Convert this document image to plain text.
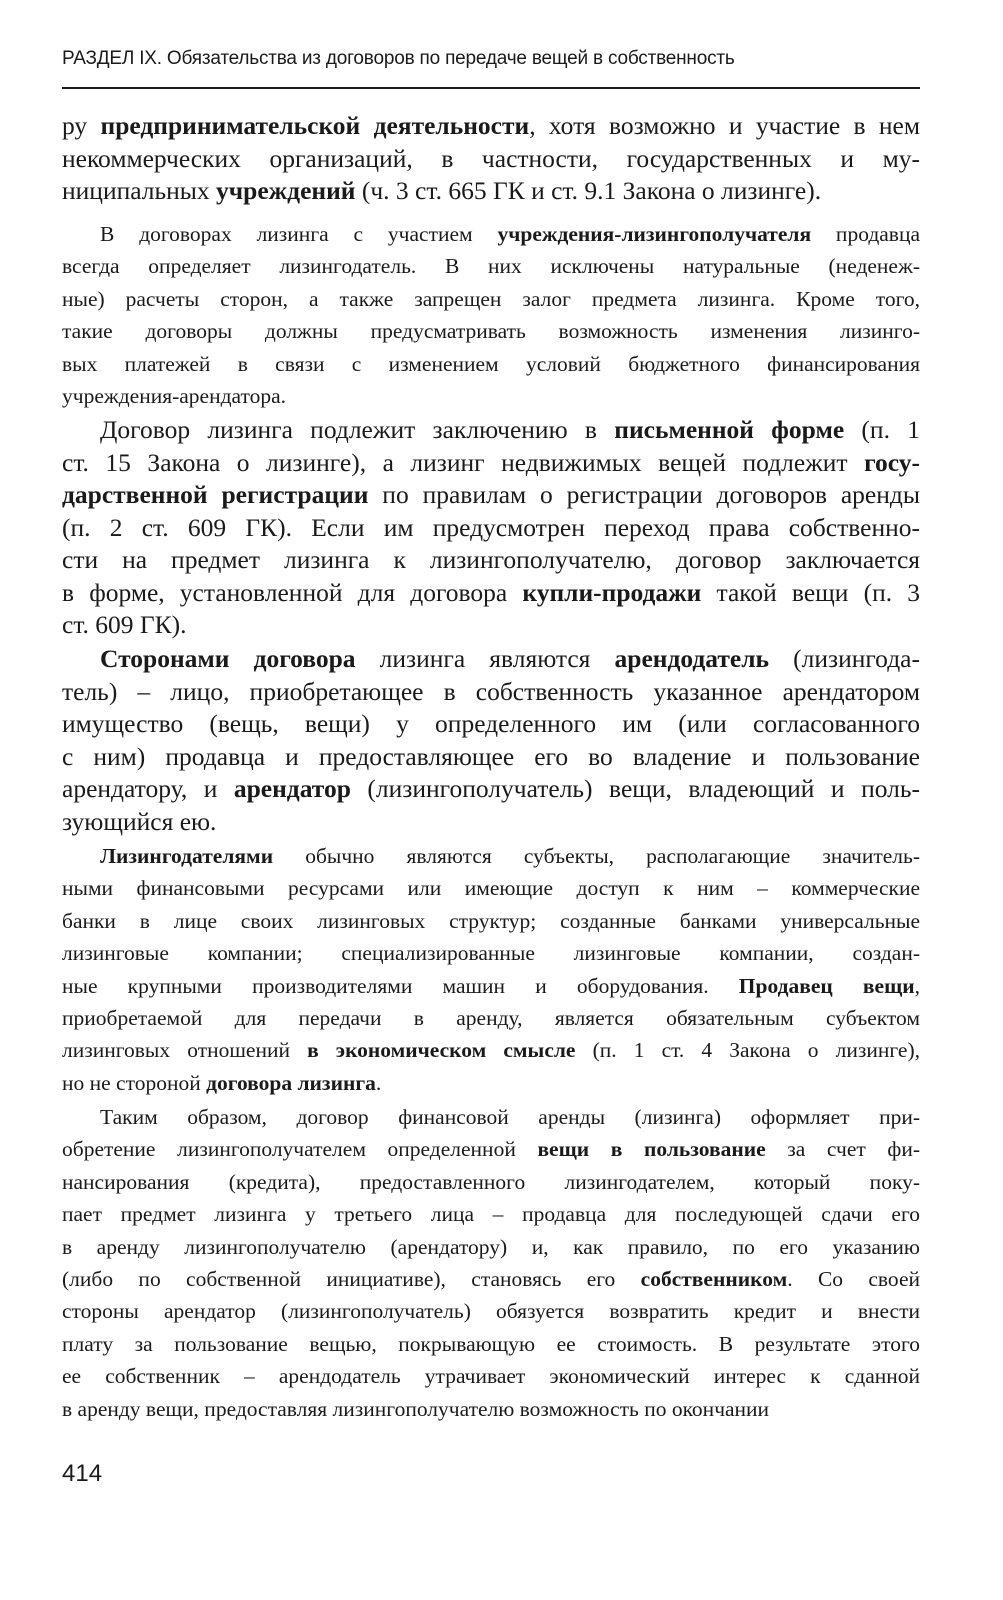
РАЗДЕЛ IX. Обязательства из договоров по передаче вещей в собственность

ру предпринимательской деятельности, хотя возможно и участие в нем
некоммерческих организаций, в частности, государственных и му-
ниципальных учреждений (ч. 3 ст. 665 ГК и ст. 9.1 Закона о лизинге).

В договорах лизинга с участием учреждения-лизингополучателя продавца
всегда определяет лизингодатель. В них исключены натуральные (неденеж-
ные) расчеты сторон, а также запрещен залог предмета лизинга. Кроме того,
такие договоры должны предусматривать возможность изменения лизинго-
вых платежей в связи с изменением условий бюджетного финансирования
учреждения-арендатора.

Договор лизинга подлежит заключению в письменной форме (п. 1
ст. 15 Закона о лизинге), а лизинг недвижимых вещей подлежит госу-
дарственной регистрации по правилам о регистрации договоров аренды
(п. 2 ст. 609 ГК). Если им предусмотрен переход права собственно-
сти на предмет лизинга к лизингополучателю, договор заключается
в форме, установленной для договора купли-продажи такой вещи (п. 3
ст. 609 ГК).

Сторонами договора лизинга являются арендодатель (лизингода-
тель) – лицо, приобретающее в собственность указанное арендатором
имущество (вещь, вещи) у определенного им (или согласованного
с ним) продавца и предоставляющее его во владение и пользование
арендатору, и арендатор (лизингополучатель) вещи, владеющий и поль-
зующийся ею.

Лизингодателями обычно являются субъекты, располагающие значитель-
ными финансовыми ресурсами или имеющие доступ к ним – коммерческие
банки в лице своих лизинговых структур; созданные банками универсальные
лизинговые компании; специализированные лизинговые компании, создан-
ные крупными производителями машин и оборудования. Продавец вещи,
приобретаемой для передачи в аренду, является обязательным субъектом
лизинговых отношений в экономическом смысле (п. 1 ст. 4 Закона о лизинге),
но не стороной договора лизинга.

Таким образом, договор финансовой аренды (лизинга) оформляет при-
обретение лизингополучателем определенной вещи в пользование за счет фи-
нансирования (кредита), предоставленного лизингодателем, который поку-
пает предмет лизинга у третьего лица – продавца для последующей сдачи его
в аренду лизингополучателю (арендатору) и, как правило, по его указанию
(либо по собственной инициативе), становясь его собственником. Со своей
стороны арендатор (лизингополучатель) обязуется возвратить кредит и внести
плату за пользование вещью, покрывающую ее стоимость. В результате этого
ее собственник – арендодатель утрачивает экономический интерес к сданной
в аренду вещи, предоставляя лизингополучателю возможность по окончании

414
